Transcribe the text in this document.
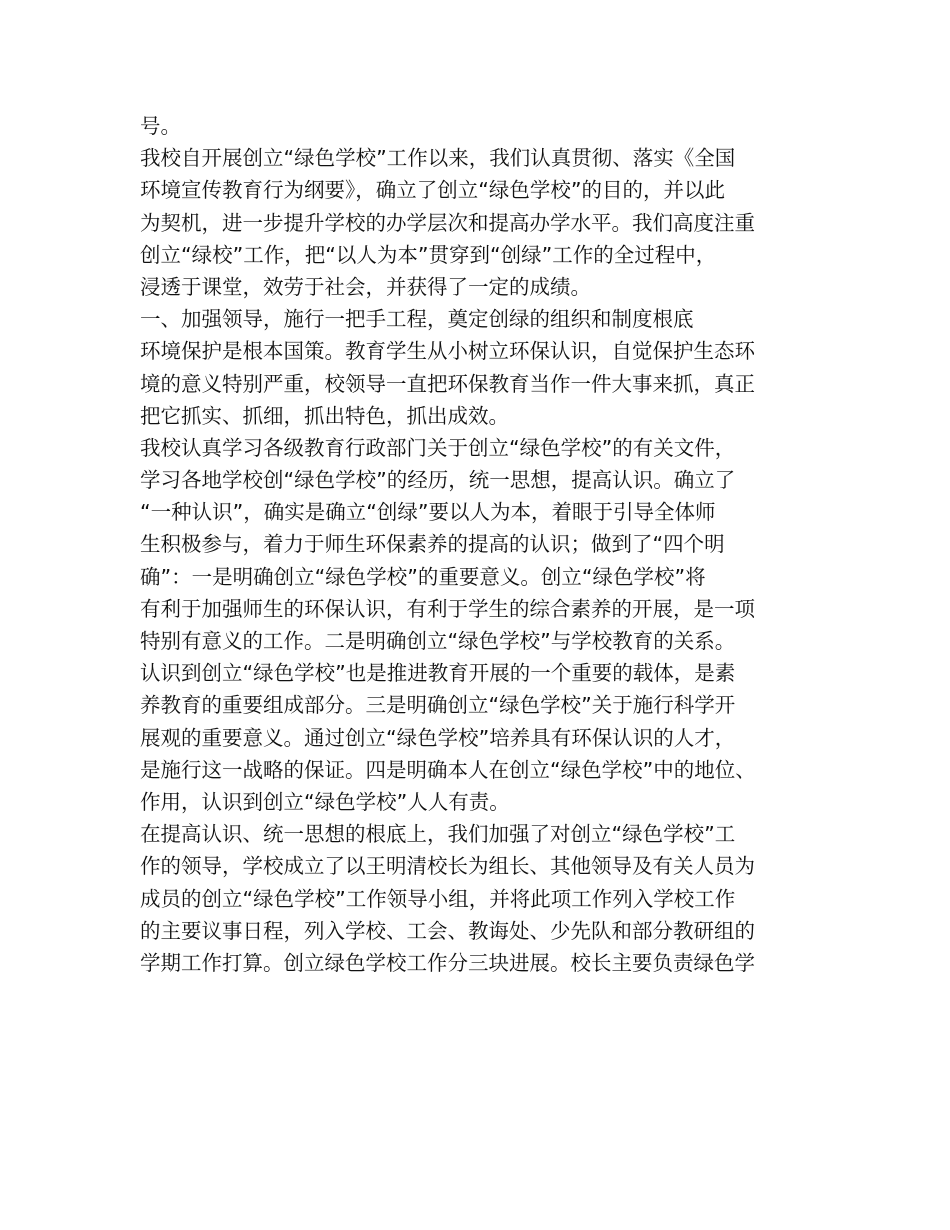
号。

我校自开展创立“绿色学校”工作以来，我们认真贯彻、落实《全国

环境宣传教育行为纲要》，确立了创立“绿色学校”的目的，并以此

为契机，进一步提升学校的办学层次和提高办学水平。我们高度注重

创立“绿校”工作，把“以人为本”贯穿到“创绿”工作的全过程中，

浸透于课堂，效劳于社会，并获得了一定的成绩。

一、加强领导，施行一把手工程，奠定创绿的组织和制度根底

环境保护是根本国策。教育学生从小树立环保认识，自觉保护生态环

境的意义特别严重，校领导一直把环保教育当作一件大事来抓，真正

把它抓实、抓细，抓出特色，抓出成效。

我校认真学习各级教育行政部门关于创立“绿色学校”的有关文件，

学习各地学校创“绿色学校”的经历，统一思想，提高认识。确立了

“一种认识”，确实是确立“创绿”要以人为本，着眼于引导全体师

生积极参与，着力于师生环保素养的提高的认识；做到了“四个明

确”：一是明确创立“绿色学校”的重要意义。创立“绿色学校”将

有利于加强师生的环保认识，有利于学生的综合素养的开展，是一项

特别有意义的工作。二是明确创立“绿色学校”与学校教育的关系。

认识到创立“绿色学校”也是推进教育开展的一个重要的载体，是素

养教育的重要组成部分。三是明确创立“绿色学校”关于施行科学开

展观的重要意义。通过创立“绿色学校”培养具有环保认识的人才，

是施行这一战略的保证。四是明确本人在创立“绿色学校”中的地位、

作用，认识到创立“绿色学校”人人有责。

在提高认识、统一思想的根底上，我们加强了对创立“绿色学校”工

作的领导，学校成立了以王明清校长为组长、其他领导及有关人员为

成员的创立“绿色学校”工作领导小组，并将此项工作列入学校工作

的主要议事日程，列入学校、工会、教诲处、少先队和部分教研组的

学期工作打算。创立绿色学校工作分三块进展。校长主要负责绿色学
